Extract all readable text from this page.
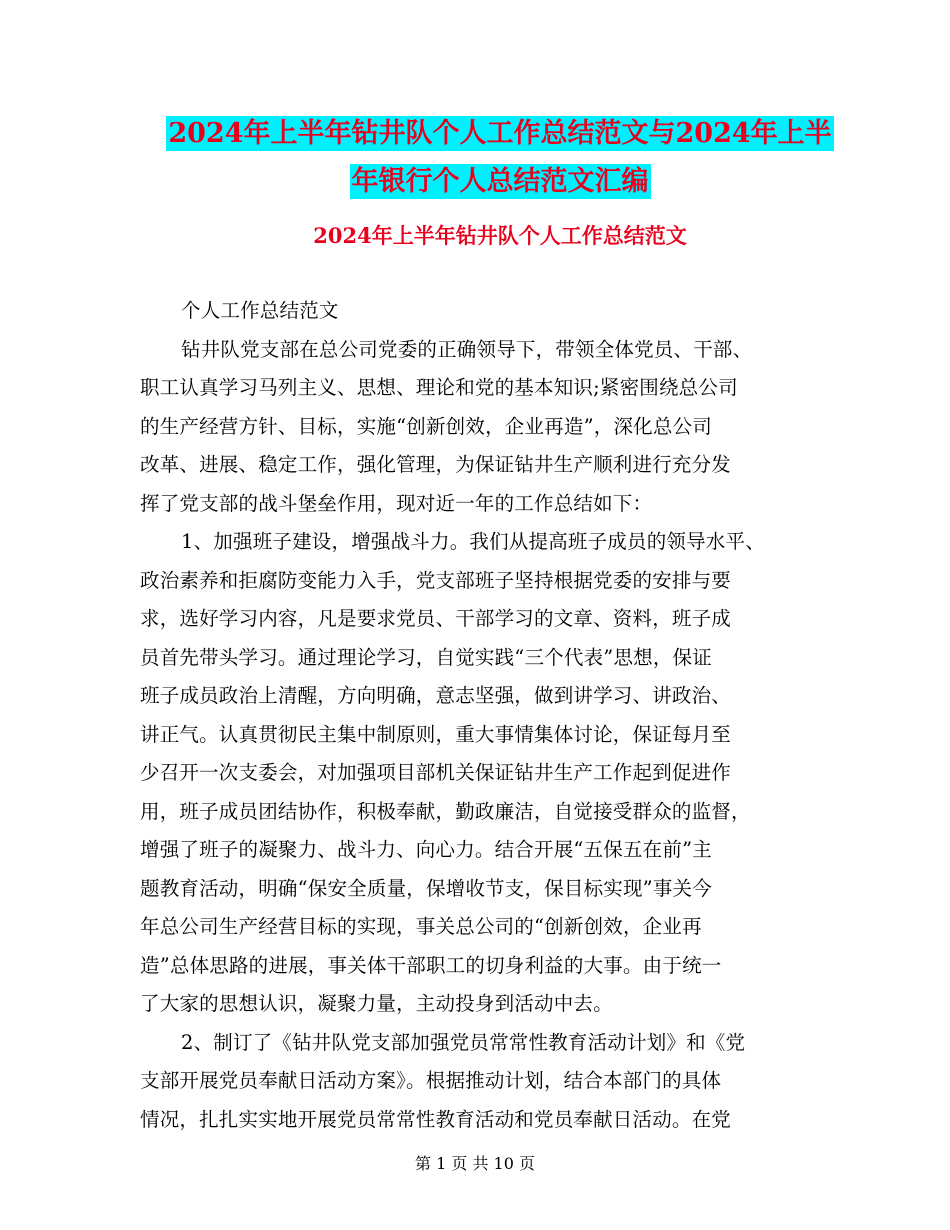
2024年上半年钻井队个人工作总结范文与2024年上半
年银行个人总结范文汇编
2024年上半年钻井队个人工作总结范文
个人工作总结范文
钻井队党支部在总公司党委的正确领导下，带领全体党员、干部、
职工认真学习马列主义、思想、理论和党的基本知识;紧密围绕总公司
的生产经营方针、目标，实施“创新创效，企业再造”，深化总公司
改革、进展、稳定工作，强化管理，为保证钻井生产顺利进行充分发
挥了党支部的战斗堡垒作用，现对近一年的工作总结如下：
1、加强班子建设，增强战斗力。我们从提高班子成员的领导水平、
政治素养和拒腐防变能力入手，党支部班子坚持根据党委的安排与要
求，选好学习内容，凡是要求党员、干部学习的文章、资料，班子成
员首先带头学习。通过理论学习，自觉实践“三个代表”思想，保证
班子成员政治上清醒，方向明确，意志坚强，做到讲学习、讲政治、
讲正气。认真贯彻民主集中制原则，重大事情集体讨论，保证每月至
少召开一次支委会，对加强项目部机关保证钻井生产工作起到促进作
用，班子成员团结协作，积极奉献，勤政廉洁，自觉接受群众的监督，
增强了班子的凝聚力、战斗力、向心力。结合开展“五保五在前”主
题教育活动，明确“保安全质量，保增收节支，保目标实现”事关今
年总公司生产经营目标的实现，事关总公司的“创新创效，企业再
造”总体思路的进展，事关体干部职工的切身利益的大事。由于统一
了大家的思想认识，凝聚力量，主动投身到活动中去。
2、制订了《钻井队党支部加强党员常常性教育活动计划》和《党
支部开展党员奉献日活动方案》。根据推动计划，结合本部门的具体
情况，扎扎实实地开展党员常常性教育活动和党员奉献日活动。在党
第 1 页 共 10 页
